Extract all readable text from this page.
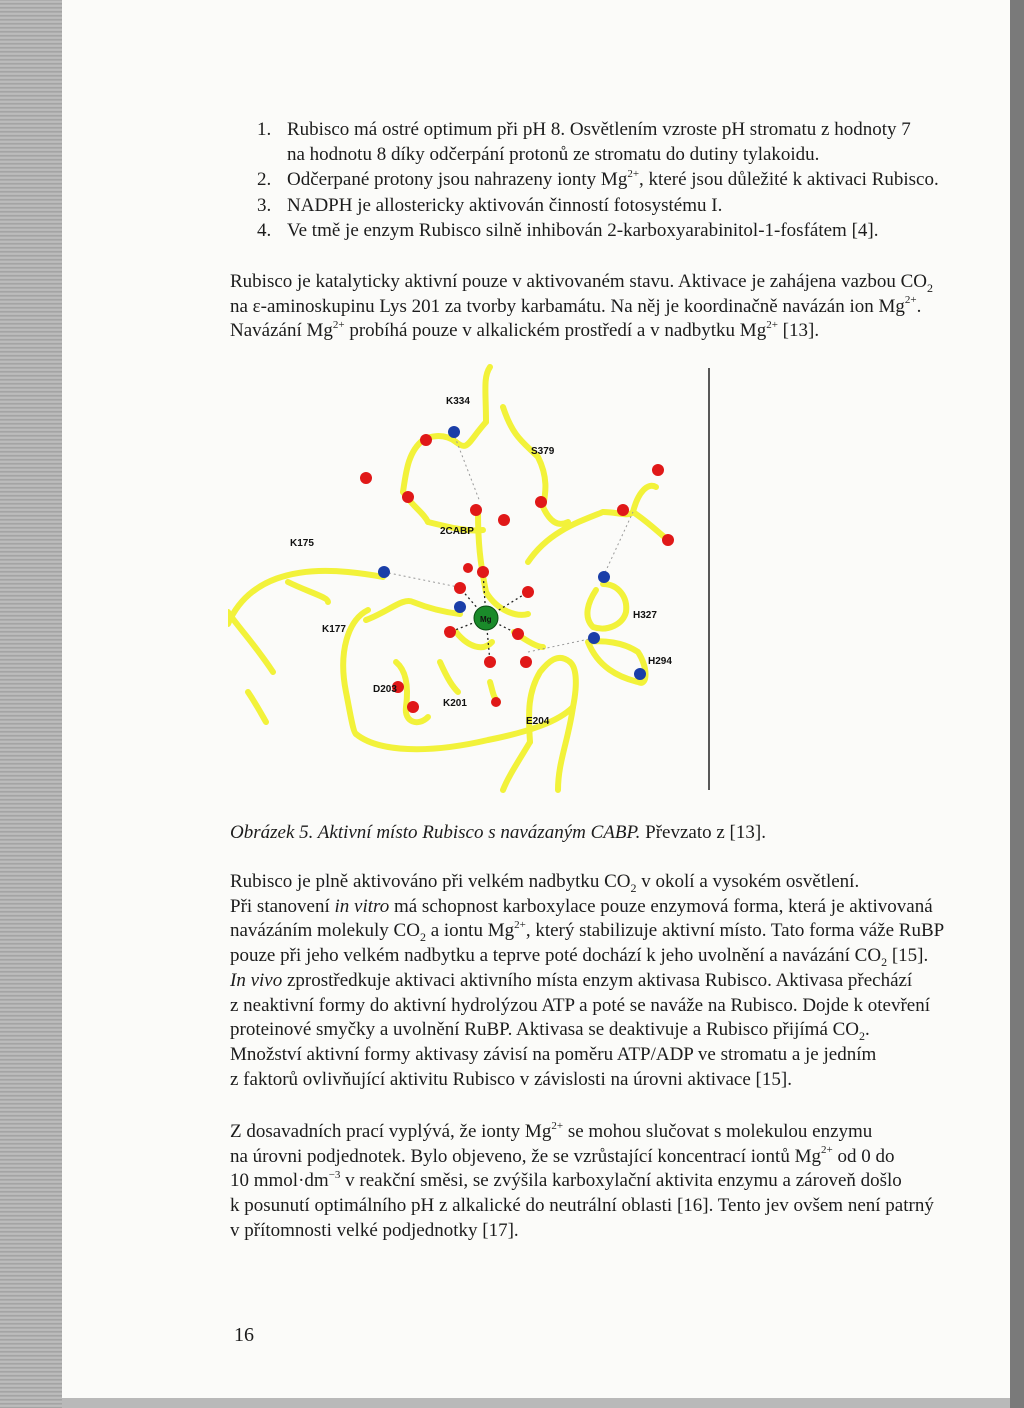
1. Rubisco má ostré optimum při pH 8. Osvětlením vzroste pH stromatu z hodnoty 7
na hodnotu 8 díky odčerpání protonů ze stromatu do dutiny tylakoidu.
2. Odčerpané protony jsou nahrazeny ionty $Mg^{2+}$, které jsou důležité k aktivaci Rubisco.
3. NADPH je allostericky aktivován činností fotosystému I.
4. Ve tmě je enzym Rubisco silně inhibován 2-karboxyarabinitol-1-fosfátem [4].
Rubisco je katalyticky aktivní pouze v aktivovaném stavu. Aktivace je zahájena vazbou $CO_2$
na ε-aminoskupinu Lys 201 za tvorby karbamátu. Na něj je koordinačně navázán ion $Mg^{2+}$.
Navázání $Mg^{2+}$ probíhá pouze v alkalickém prostředí a v nadbytku $Mg^{2+}$ [13].
K334
S379
K175
2CABP
K177
Mg	H327
H294
D203
K201
E204
Obrázek 5. Aktivní místo Rubisco s navázaným CABP. Převzato z [13].
Rubisco je plně aktivováno při velkém nadbytku $CO_2$ v okolí a vysokém osvětlení.
Při stanovení in vitro má schopnost karboxylace pouze enzymová forma, která je aktivovaná
navázáním molekuly $CO_2$ a iontu $Mg^{2+}$, který stabilizuje aktivní místo. Tato forma váže RuBP
pouze při jeho velkém nadbytku a teprve poté dochází k jeho uvolnění a navázání $CO_2$ [15].
In vivo zprostředkuje aktivaci aktivního místa enzym aktivasa Rubisco. Aktivasa přechází
z neaktivní formy do aktivní hydrolýzou ATP a poté se naváže na Rubisco. Dojde k otevření
proteinové smyčky a uvolnění RuBP. Aktivasa se deaktivuje a Rubisco přijímá $CO_2$.
Množství aktivní formy aktivasy závisí na poměru ATP/ADP ve stromatu a je jedním
z faktorů ovlivňující aktivitu Rubisco v závislosti na úrovni aktivace [15].
Z dosavadních prací vyplývá, že ionty $Mg^{2+}$ se mohou slučovat s molekulou enzymu
na úrovni podjednotek. Bylo objeveno, že se vzrůstající koncentrací iontů $Mg^{2+}$ od 0 do
10 $mmol\cdot dm^{-3}$ v reakční směsi, se zvýšila karboxylační aktivita enzymu a zároveň došlo
k posunutí optimálního pH z alkalické do neutrální oblasti [16]. Tento jev ovšem není patrný
v přítomnosti velké podjednotky [17].
16
